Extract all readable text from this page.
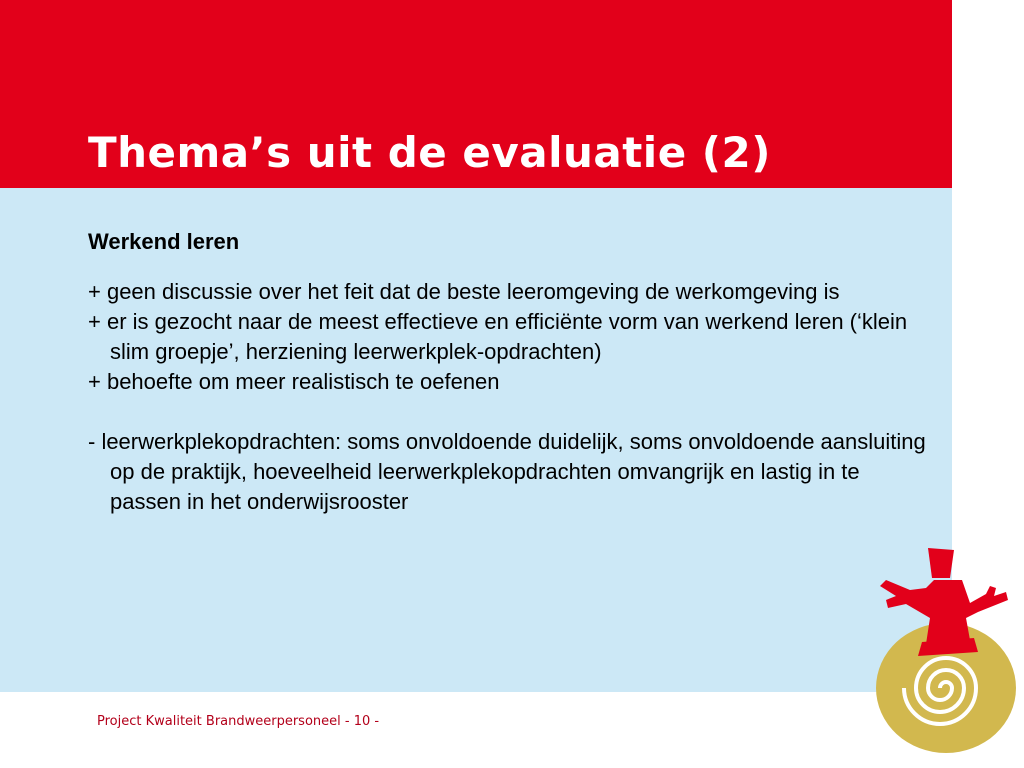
Thema’s uit de evaluatie (2)
Werkend leren

+ geen discussie over het feit dat de beste leeromgeving de werkomgeving is

+ er is gezocht naar de meest effectieve en efficiënte vorm van werkend leren (‘klein slim groepje’, herziening leerwerkplek-opdrachten)

+ behoefte om meer realistisch te oefenen

- leerwerkplekopdrachten: soms onvoldoende duidelijk, soms onvoldoende aansluiting op de praktijk, hoeveelheid leerwerkplekopdrachten omvangrijk en lastig in te passen in het onderwijsrooster

Project Kwaliteit Brandweerpersoneel - 10 -
